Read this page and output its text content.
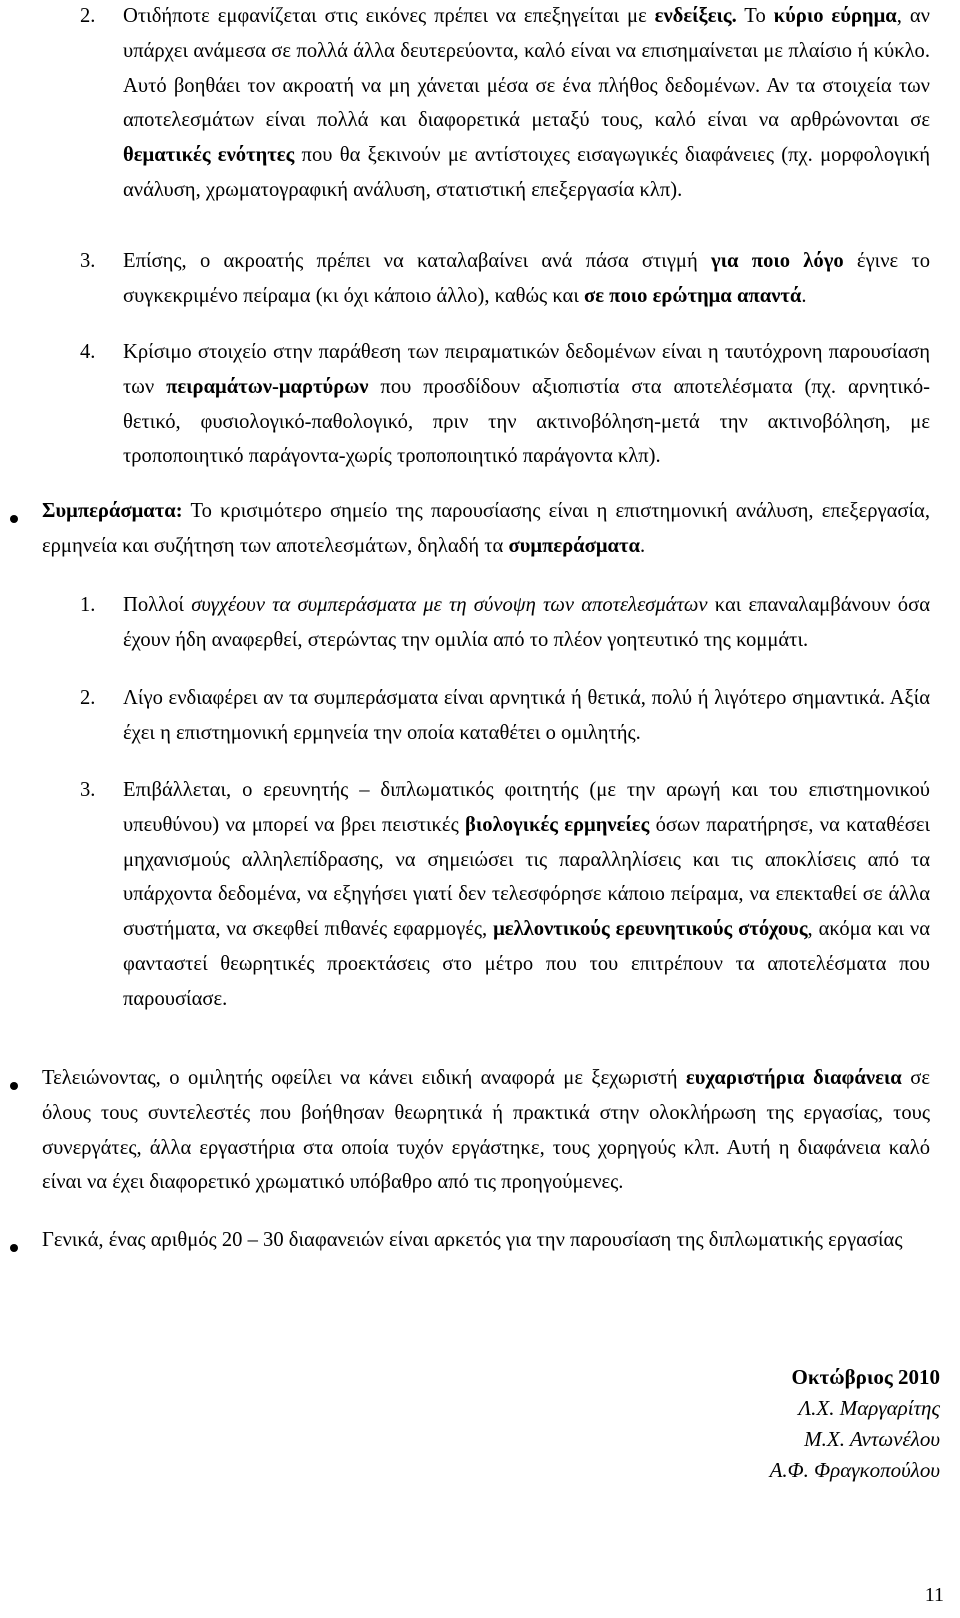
2. Οτιδήποτε εμφανίζεται στις εικόνες πρέπει να επεξηγείται με ενδείξεις. Το κύριο εύρημα, αν υπάρχει ανάμεσα σε πολλά άλλα δευτερεύοντα, καλό είναι να επισημαίνεται με πλαίσιο ή κύκλο. Αυτό βοηθάει τον ακροατή να μη χάνεται μέσα σε ένα πλήθος δεδομένων. Αν τα στοιχεία των αποτελεσμάτων είναι πολλά και διαφορετικά μεταξύ τους, καλό είναι να αρθρώνονται σε θεματικές ενότητες που θα ξεκινούν με αντίστοιχες εισαγωγικές διαφάνειες (πχ. μορφολογική ανάλυση, χρωματογραφική ανάλυση, στατιστική επεξεργασία κλπ).

3. Επίσης, ο ακροατής πρέπει να καταλαβαίνει ανά πάσα στιγμή για ποιο λόγο έγινε το συγκεκριμένο πείραμα (κι όχι κάποιο άλλο), καθώς και σε ποιο ερώτημα απαντά.

4. Κρίσιμο στοιχείο στην παράθεση των πειραματικών δεδομένων είναι η ταυτόχρονη παρουσίαση των πειραμάτων-μαρτύρων που προσδίδουν αξιοπιστία στα αποτελέσματα (πχ. αρνητικό-θετικό, φυσιολογικό-παθολογικό, πριν την ακτινοβόληση-μετά την ακτινοβόληση, με τροποποιητικό παράγοντα-χωρίς τροποποιητικό παράγοντα κλπ).

Συμπεράσματα: Το κρισιμότερο σημείο της παρουσίασης είναι η επιστημονική ανάλυση, επεξεργασία, ερμηνεία και συζήτηση των αποτελεσμάτων, δηλαδή τα συμπεράσματα.

1. Πολλοί συγχέουν τα συμπεράσματα με τη σύνοψη των αποτελεσμάτων και επαναλαμβάνουν όσα έχουν ήδη αναφερθεί, στερώντας την ομιλία από το πλέον γοητευτικό της κομμάτι.

2. Λίγο ενδιαφέρει αν τα συμπεράσματα είναι αρνητικά ή θετικά, πολύ ή λιγότερο σημαντικά. Αξία έχει η επιστημονική ερμηνεία την οποία καταθέτει ο ομιλητής.

3. Επιβάλλεται, ο ερευνητής – διπλωματικός φοιτητής (με την αρωγή και του επιστημονικού υπευθύνου) να μπορεί να βρει πειστικές βιολογικές ερμηνείες όσων παρατήρησε, να καταθέσει μηχανισμούς αλληλεπίδρασης, να σημειώσει τις παραλληλίσεις και τις αποκλίσεις από τα υπάρχοντα δεδομένα, να εξηγήσει γιατί δεν τελεσφόρησε κάποιο πείραμα, να επεκταθεί σε άλλα συστήματα, να σκεφθεί πιθανές εφαρμογές, μελλοντικούς ερευνητικούς στόχους, ακόμα και να φανταστεί θεωρητικές προεκτάσεις στο μέτρο που του επιτρέπουν τα αποτελέσματα που παρουσίασε.

Τελειώνοντας, ο ομιλητής οφείλει να κάνει ειδική αναφορά με ξεχωριστή ευχαριστήρια διαφάνεια σε όλους τους συντελεστές που βοήθησαν θεωρητικά ή πρακτικά στην ολοκλήρωση της εργασίας, τους συνεργάτες, άλλα εργαστήρια στα οποία τυχόν εργάστηκε, τους χορηγούς κλπ. Αυτή η διαφάνεια καλό είναι να έχει διαφορετικό χρωματικό υπόβαθρο από τις προηγούμενες.

Γενικά, ένας αριθμός 20 – 30 διαφανειών είναι αρκετός για την παρουσίαση της διπλωματικής εργασίας

Οκτώβριος 2010
Λ.Χ. Μαργαρίτης
Μ.Χ. Αντωνέλου
Α.Φ. Φραγκοπούλου
11
